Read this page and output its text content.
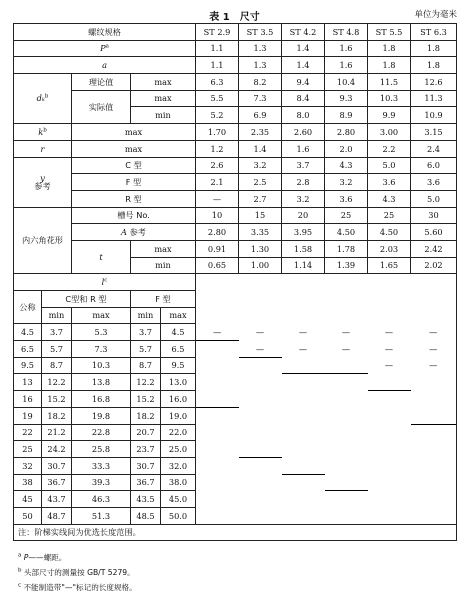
表 1　尺寸	单位为毫米
螺纹规格					ST 2.9	ST 3.5	ST 4.2	ST 4.8	ST 5.5	ST 6.3
$P^a$					1.1	1.3	1.4	1.6	1.8	1.8
a					1.1	1.3	1.4	1.6	1.8	1.8
dₖ$^b$		理论值	max		6.3	8.2	9.4	10.4	11.5	12.6
		实际值	max		5.5	7.3	8.4	9.3	10.3	11.3
			min		5.2	6.9	8.0	8.9	9.9	10.9
$k^b$		max			1.70	2.35	2.60	2.80	3.00	3.15
r		max			1.2	1.4	1.6	2.0	2.2	2.4
y
参考		C 型			2.6	3.2	3.7	4.3	5.0	6.0
		F 型			2.1	2.5	2.8	3.2	3.6	3.6
		R 型			—	2.7	3.2	3.6	4.3	5.0
内六角花形		槽号 No.			10	15	20	25	25	30
		A 参考			2.80	3.35	3.95	4.50	4.50	5.60
		t	max		0.91	1.30	1.58	1.78	2.03	2.42
			min		0.65	1.00	1.14	1.39	1.65	2.02
$l^c$	
公称	C型和 R 型		F 型							
	min	max	min	max						
4.5	3.7	5.3	3.7	4.5	—	—	—	—	—	—
6.5	5.7	7.3	5.7	6.5		—	—	—	—	—
9.5	8.7	10.3	8.7	9.5					—	—
13	12.2	13.8	12.2	13.0						
16	15.2	16.8	15.2	16.0						
19	18.2	19.8	18.2	19.0						
22	21.2	22.8	20.7	22.0						
25	24.2	25.8	23.7	25.0						
32	30.7	33.3	30.7	32.0						
38	36.7	39.3	36.7	38.0						
45	43.7	46.3	43.5	45.0						
50	48.7	51.3	48.5	50.0						
注：阶梯实线间为优选长度范围。										
$^a$ P——螺距。
$^b$ 头部尺寸的测量按 GB/T 5279。
$^c$ 不能制造带"—"标记的长度规格。
